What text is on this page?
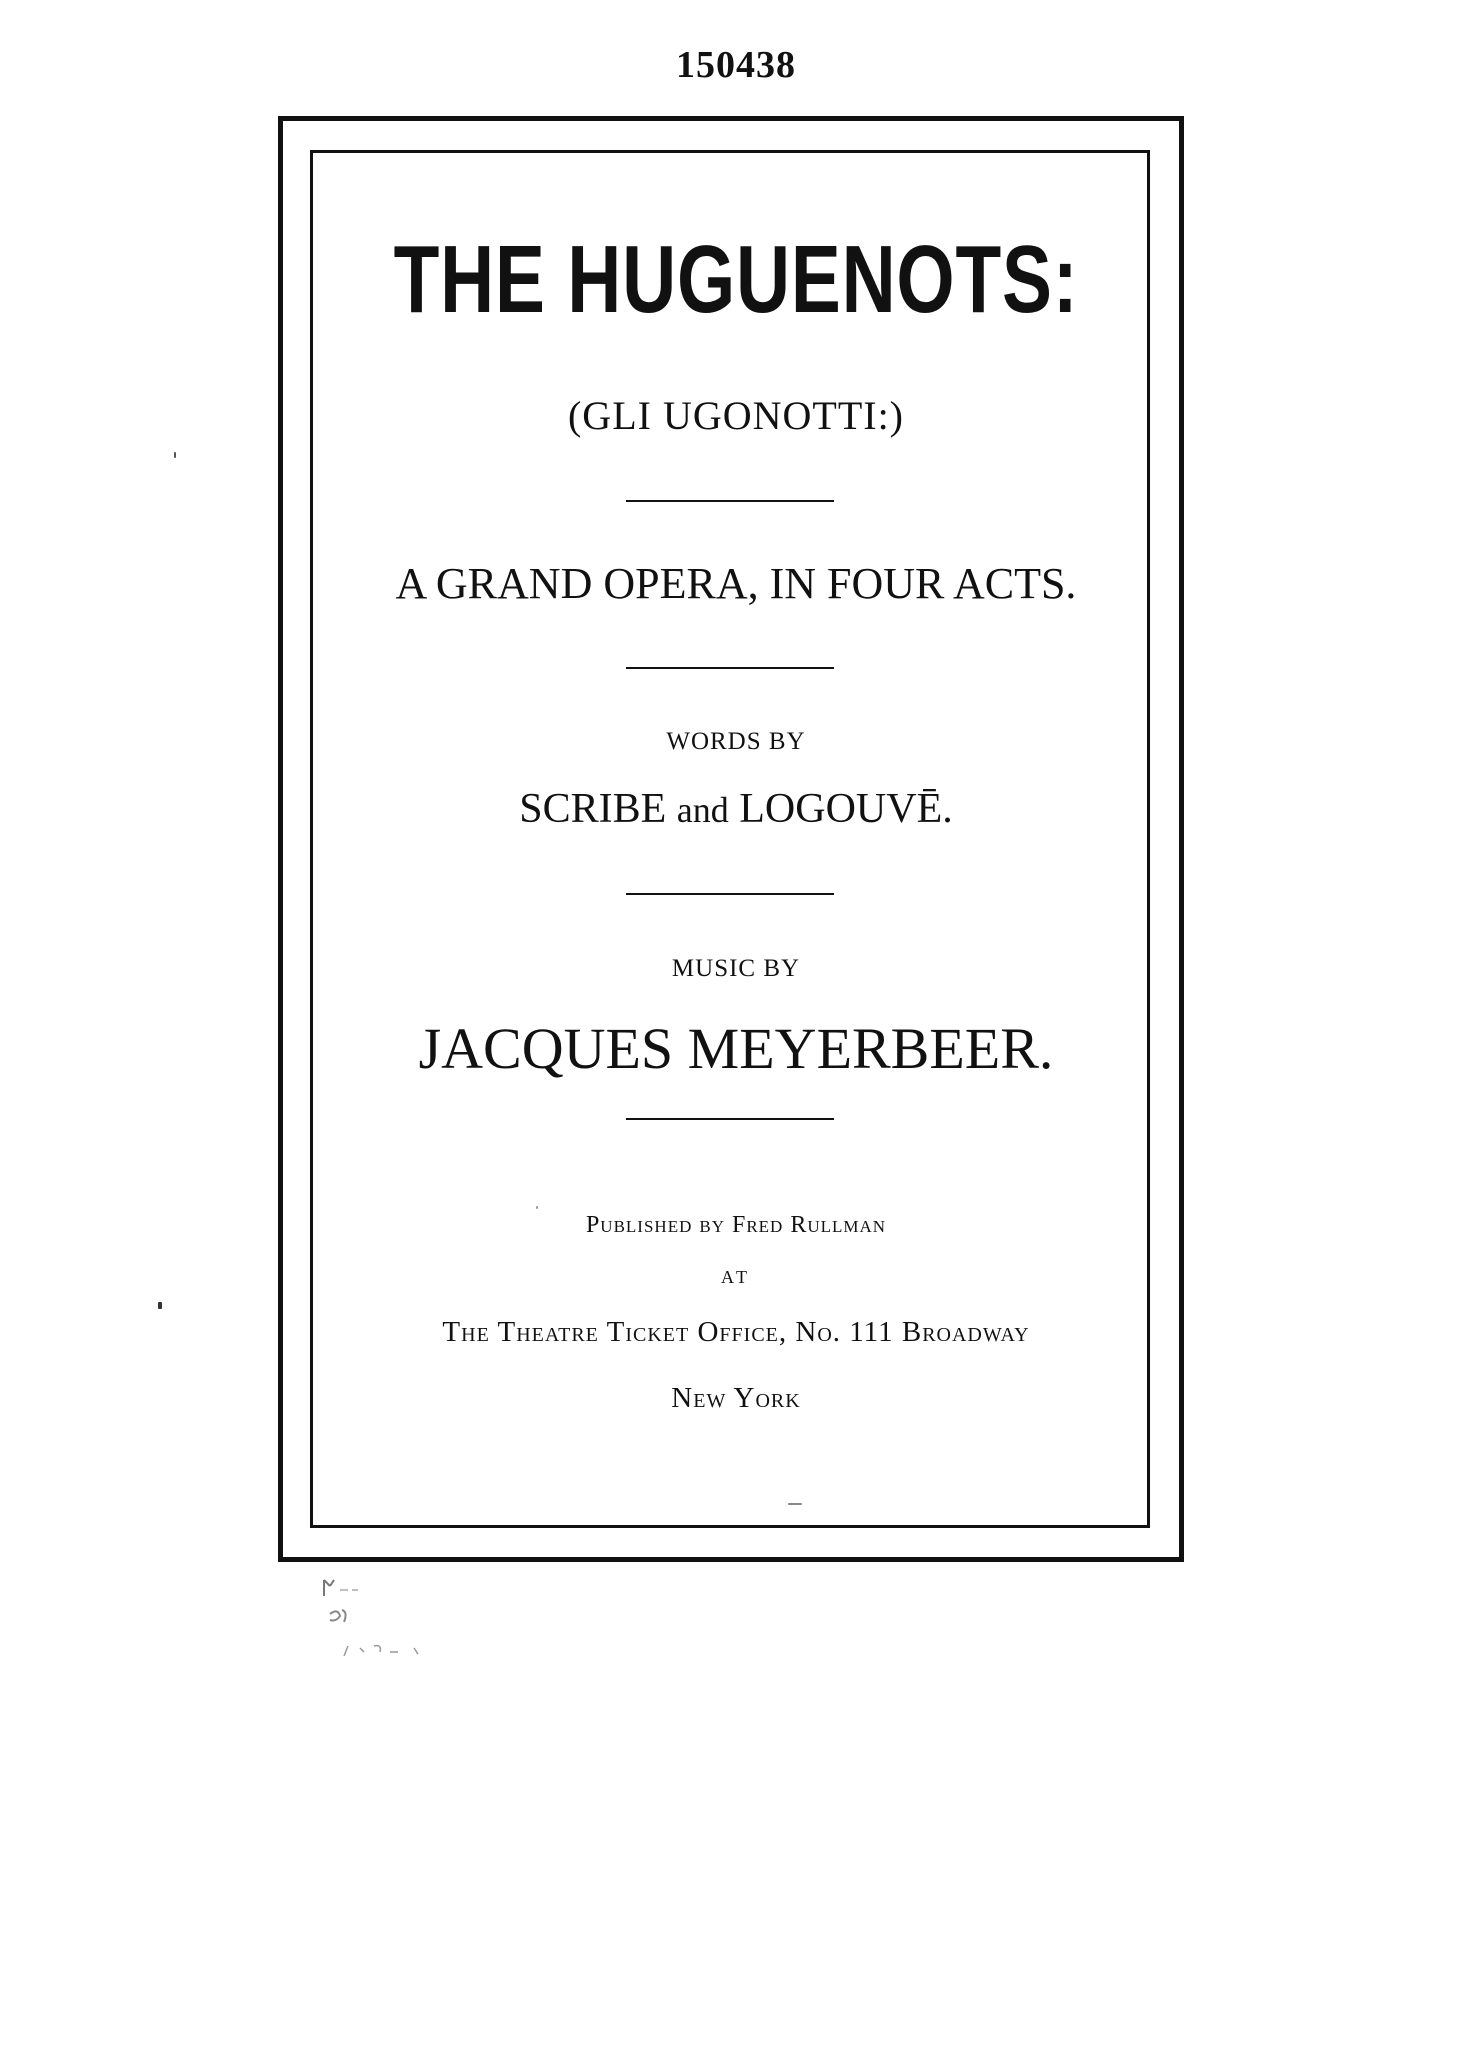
150438
THE HUGUENOTS:
(GLI UGONOTTI:)
A GRAND OPERA, IN FOUR ACTS.
WORDS BY
SCRIBE and LOGOUVĒ.
MUSIC BY
JACQUES MEYERBEER.
Published by Fred Rullman
AT
The Theatre Ticket Office, No. 111 Broadway
New York
